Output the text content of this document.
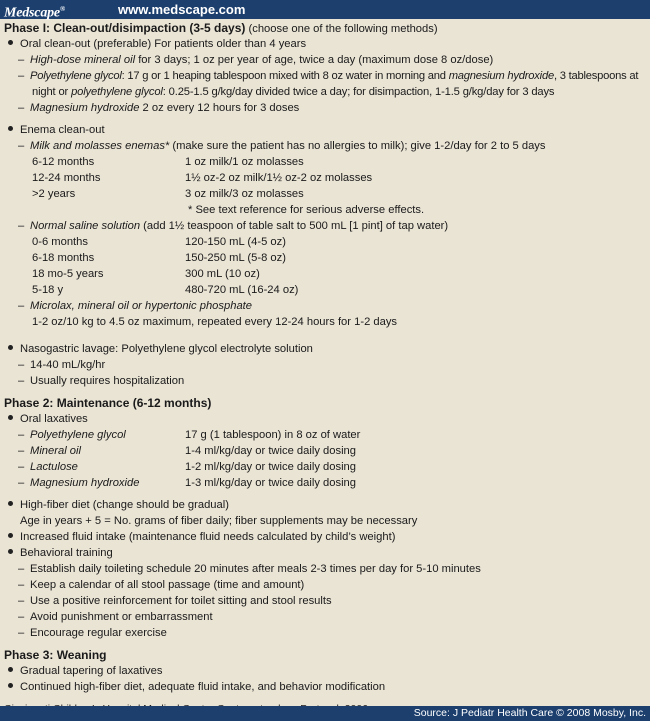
Medscape®	www.medscape.com
Phase I: Clean-out/disimpaction (3-5 days) (choose one of the following methods)
Oral clean-out (preferable) For patients older than 4 years
– High-dose mineral oil for 3 days; 1 oz per year of age, twice a day (maximum dose 8 oz/dose)
– Polyethylene glycol: 17 g or 1 heaping tablespoon mixed with 8 oz water in morning and magnesium hydroxide, 3 tablespoons at
night or polyethylene glycol: 0.25-1.5 g/kg/day divided twice a day; for disimpaction, 1-1.5 g/kg/day for 3 days
– Magnesium hydroxide 2 oz every 12 hours for 3 doses
Enema clean-out
– Milk and molasses enemas* (make sure the patient has no allergies to milk); give 1-2/day for 2 to 5 days
6-12 months	1 oz milk/1 oz molasses
12-24 months	1½ oz-2 oz milk/1½ oz-2 oz molasses
>2 years	3 oz milk/3 oz molasses
* See text reference for serious adverse effects.
– Normal saline solution (add 1½ teaspoon of table salt to 500 mL [1 pint] of tap water)
0-6 months	120-150 mL (4-5 oz)
6-18 months	150-250 mL (5-8 oz)
18 mo-5 years	300 mL (10 oz)
5-18 y	480-720 mL (16-24 oz)
– Microlax, mineral oil or hypertonic phosphate
1-2 oz/10 kg to 4.5 oz maximum, repeated every 12-24 hours for 1-2 days
Nasogastric lavage: Polyethylene glycol electrolyte solution
– 14-40 mL/kg/hr
– Usually requires hospitalization
Phase 2: Maintenance (6-12 months)
Oral laxatives
– Polyethylene glycol	17 g (1 tablespoon) in 8 oz of water
– Mineral oil	1-4 ml/kg/day or twice daily dosing
– Lactulose	1-2 ml/kg/day or twice daily dosing
– Magnesium hydroxide	1-3 ml/kg/day or twice daily dosing
High-fiber diet (change should be gradual)
Age in years + 5 = No. grams of fiber daily; fiber supplements may be necessary
Increased fluid intake (maintenance fluid needs calculated by child’s weight)
Behavioral training
– Establish daily toileting schedule 20 minutes after meals 2-3 times per day for 5-10 minutes
– Keep a calendar of all stool passage (time and amount)
– Use a positive reinforcement for toilet sitting and stool results
– Avoid punishment or embarrassment
– Encourage regular exercise
Phase 3: Weaning
Gradual tapering of laxatives
Continued high-fiber diet, adequate fluid intake, and behavior modification
Source: J Pediatr Health Care © 2008 Mosby, Inc.
